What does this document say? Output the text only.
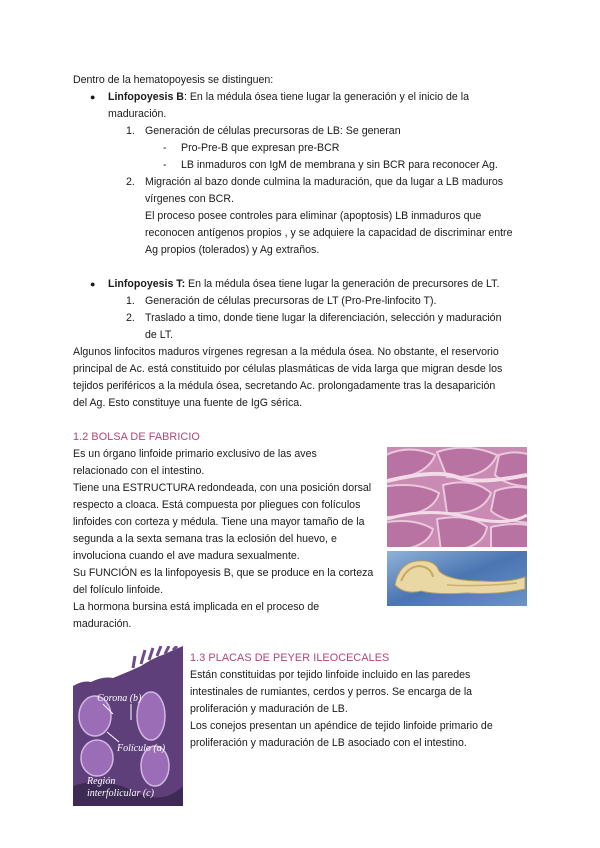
Dentro de la hematopoyesis se distinguen:
● Linfopoyesis B: En la médula ósea tiene lugar la generación y el inicio de la
maduración.
1. Generación de células precursoras de LB: Se generan
- Pro-Pre-B que expresan pre-BCR
- LB inmaduros con IgM de membrana y sin BCR para reconocer Ag.
2. Migración al bazo donde culmina la maduración, que da lugar a LB maduros
vírgenes con BCR.
El proceso posee controles para eliminar (apoptosis) LB inmaduros que
reconocen antígenos propios , y se adquiere la capacidad de discriminar entre
Ag propios (tolerados) y Ag extraños.
● Linfopoyesis T: En la médula ósea tiene lugar la generación de precursores de LT.
1. Generación de células precursoras de LT (Pro-Pre-linfocito T).
2. Traslado a timo, donde tiene lugar la diferenciación, selección y maduración
de LT.
Algunos linfocitos maduros vírgenes regresan a la médula ósea. No obstante, el reservorio
principal de Ac. está constituido por células plasmáticas de vida larga que migran desde los
tejidos periféricos a la médula ósea, secretando Ac. prolongadamente tras la desaparición
del Ag. Esto constituye una fuente de IgG sérica.
1.2 BOLSA DE FABRICIO
Es un órgano linfoide primario exclusivo de las aves
relacionado con el intestino.
Tiene una ESTRUCTURA redondeada, con una posición dorsal
respecto a cloaca. Está compuesta por pliegues con folículos
linfoides con corteza y médula. Tiene una mayor tamaño de la
segunda a la sexta semana tras la eclosión del huevo, e
involuciona cuando el ave madura sexualmente.
Su FUNCIÓN es la linfopoyesis B, que se produce en la corteza
del folículo linfoide.
La hormona bursina está implicada en el proceso de
maduración.
Corona (b)
Folículo (a)
Región
interfolicular (c)
1.3 PLACAS DE PEYER ILEOCECALES
Están constituidas por tejido linfoide incluido en las paredes
intestinales de rumiantes, cerdos y perros. Se encarga de la
proliferación y maduración de LB.
Los conejos presentan un apéndice de tejido linfoide primario de
proliferación y maduración de LB asociado con el intestino.
